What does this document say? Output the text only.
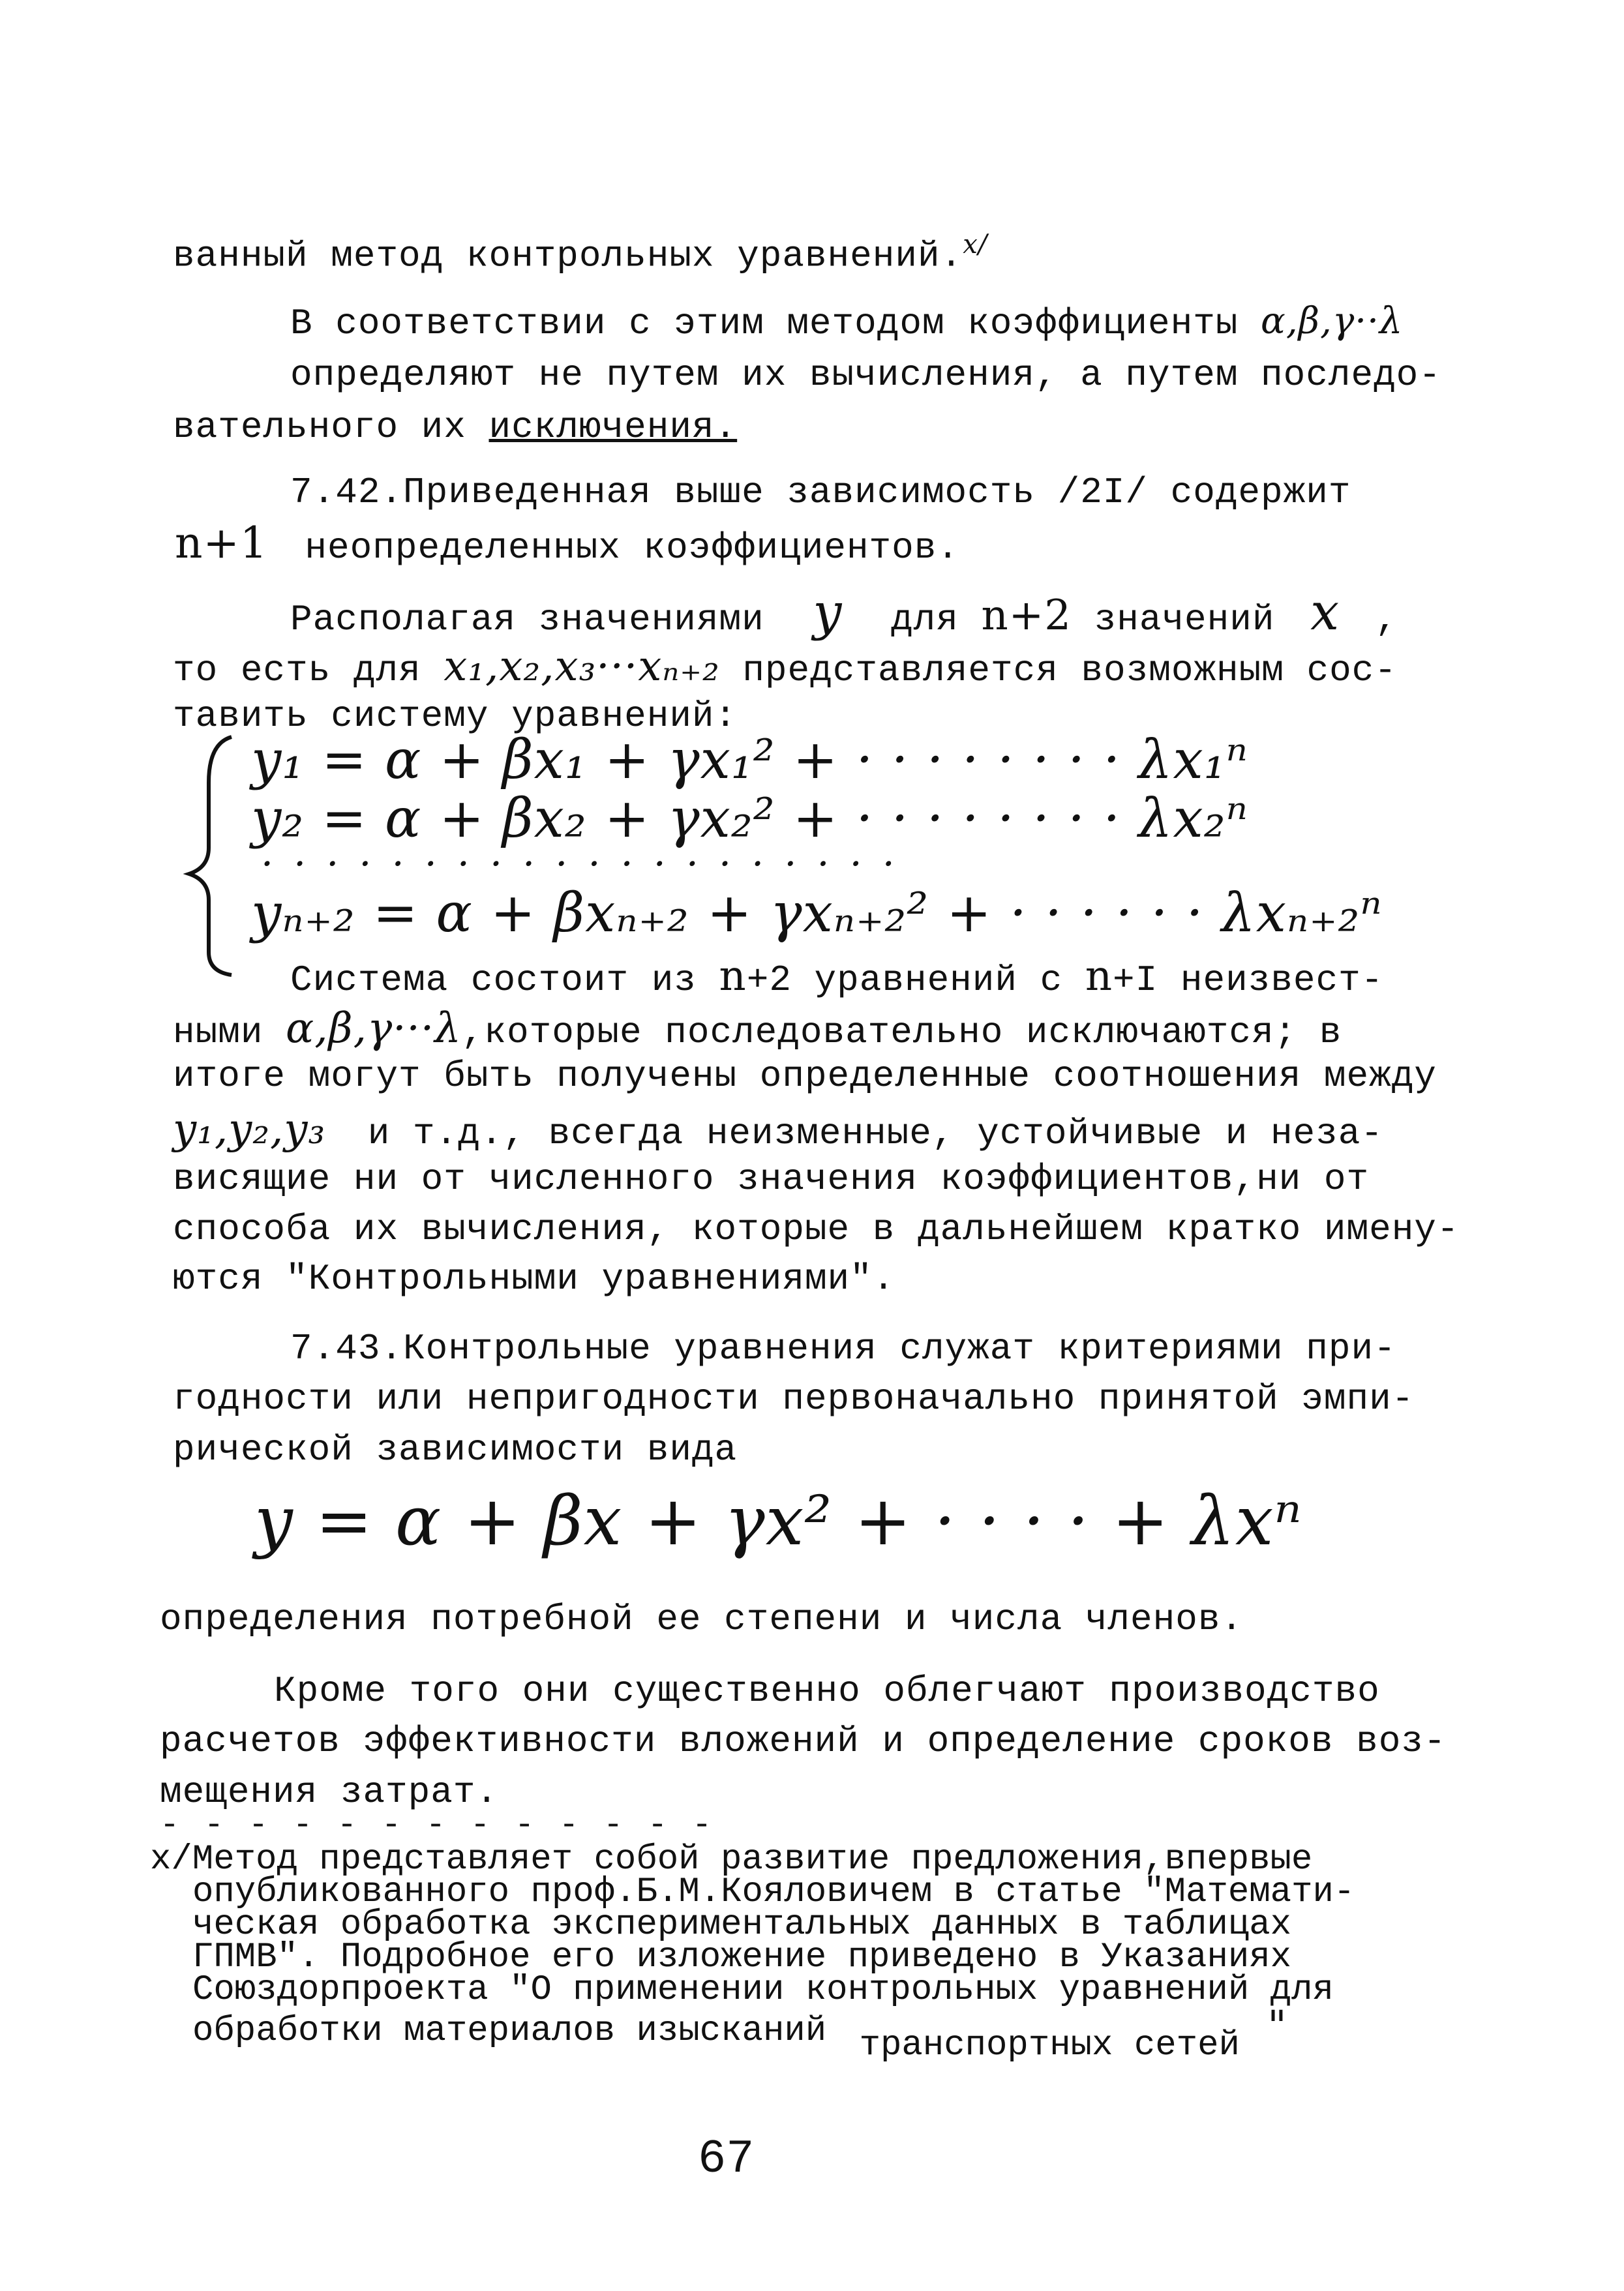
ванный метод контрольных уравнений.$^{x/}$
В соответствии с этим методом коэффициенты α,β,γ··λ
определяют не путем их вычисления, а путем последо-
вательного их исключения.
7.42.Приведенная выше зависимость /2I/ содержит
n+1 неопределенных коэффициентов.
Располагая значениями y для n+2 значений x ,
то есть для x₁,x₂,x₃···xₙ₊₂ представляется возможным сос-
тавить систему уравнений:
y₁ = α + βx₁ + γx₁² + · · · · · · · · λx₁ⁿ
y₂ = α + βx₂ + γx₂² + · · · · · · · · λx₂ⁿ
· · · · · · · · · · · · · · · · · · · ·
yₙ₊₂ = α + βxₙ₊₂ + γxₙ₊₂² + · · · · · · λxₙ₊₂ⁿ
Система состоит из n+2 уравнений с n+I неизвест-
ными α,β,γ···λ,которые последовательно исключаются; в
итоге могут быть получены определенные соотношения между
y₁,y₂,y₃ и т.д., всегда неизменные, устойчивые и неза-
висящие ни от численного значения коэффициентов,ни от
способа их вычисления, которые в дальнейшем кратко имену-
ются "Контрольными уравнениями".
7.43.Контрольные уравнения служат критериями при-
годности или непригодности первоначально принятой эмпи-
рической зависимости вида
y = α + βx + γx² + · · · · + λxⁿ
определения потребной ее степени и числа членов.
Кроме того они существенно облегчают производство
расчетов эффективности вложений и определение сроков воз-
мещения затрат.
- - - - - - - - - - - - -
x/Метод представляет собой развитие предложения,впервые
опубликованного проф.Б.М.Кояловичем в статье "Математи-
ческая обработка экспериментальных данных в таблицах
ГПМВ". Подробное его изложение приведено в Указаниях
Союздорпроекта "О применении контрольных уравнений для
обработки материалов изысканий транспортных сетей "
67
